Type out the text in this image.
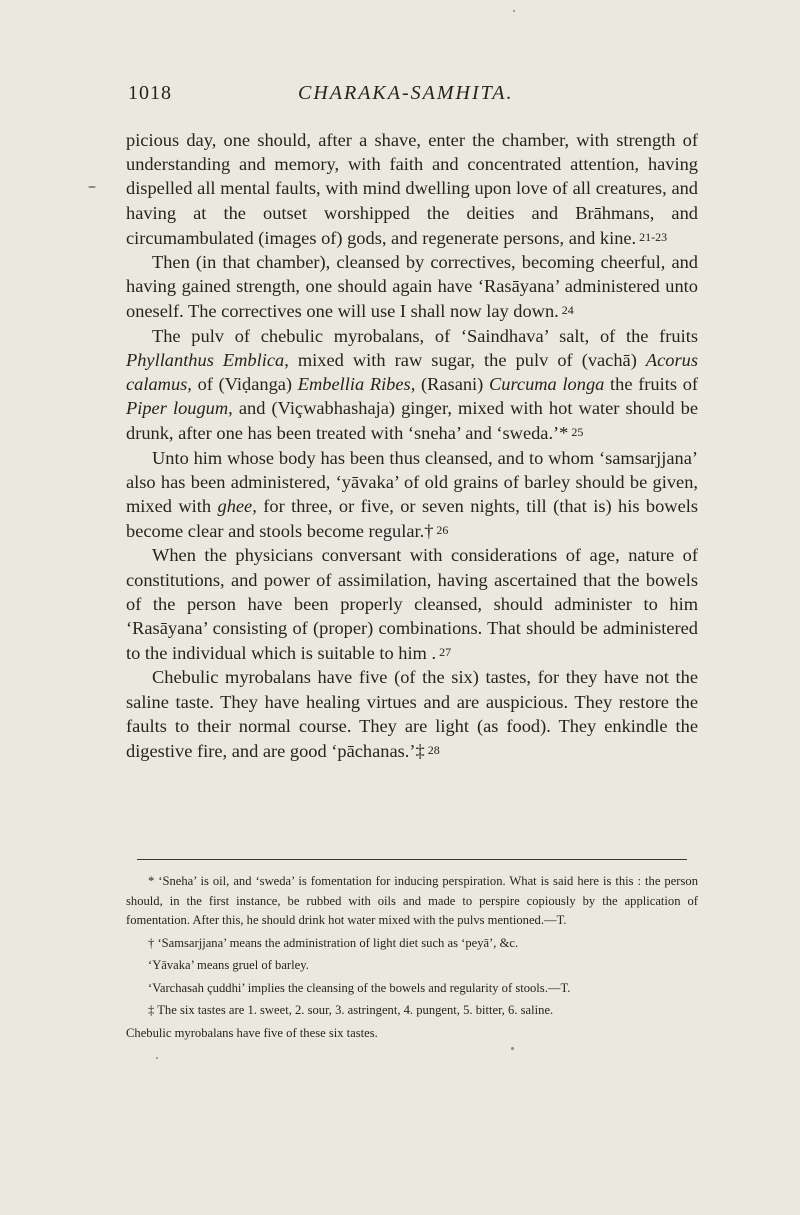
1018	CHARAKA-SAMHITA.

picious day, one should, after a shave, enter the chamber, with strength of understanding and memory, with faith and concentrated attention, having dispelled all mental faults, with mind dwelling upon love of all creatures, and having at the outset worshipped the deities and Brāhmans, and circumambulated (images of) gods, and regenerate persons, and kine. 21-23

Then (in that chamber), cleansed by correctives, becoming cheerful, and having gained strength, one should again have ‘Rasāyana’ administered unto oneself. The correctives one will use I shall now lay down. 24

The pulv of chebulic myrobalans, of ‘Saindhava’ salt, of the fruits Phyllanthus Emblica, mixed with raw sugar, the pulv of (vachā) Acorus calamus, of (Viḍanga) Embellia Ribes, (Rasani) Curcuma longa the fruits of Piper lougum, and (Viçwabhashaja) ginger, mixed with hot water should be drunk, after one has been treated with ‘sneha’ and ‘sweda.’* 25

Unto him whose body has been thus cleansed, and to whom ‘samsarjjana’ also has been administered, ‘yāvaka’ of old grains of barley should be given, mixed with ghee, for three, or five, or seven nights, till (that is) his bowels become clear and stools become regular.† 26

When the physicians conversant with considerations of age, nature of constitutions, and power of assimilation, having ascertained that the bowels of the person have been properly cleansed, should administer to him ‘Rasāyana’ consisting of (proper) combinations. That should be administered to the individual which is suitable to him . 27

Chebulic myrobalans have five (of the six) tastes, for they have not the saline taste. They have healing virtues and are auspicious. They restore the faults to their normal course. They are light (as food). They enkindle the digestive fire, and are good ‘pāchanas.’‡ 28

* ‘Sneha’ is oil, and ‘sweda’ is fomentation for inducing perspiration. What is said here is this : the person should, in the first instance, be rubbed with oils and made to perspire copiously by the application of fomentation. After this, he should drink hot water mixed with the pulvs mentioned.—T.

† ‘Samsarjjana’ means the administration of light diet such as ‘peyā’, &c.

‘Yāvaka’ means gruel of barley.

‘Varchasah çuddhi’ implies the cleansing of the bowels and regularity of stools.—T.

‡ The six tastes are 1. sweet, 2. sour, 3. astringent, 4. pungent, 5. bitter, 6. saline.

Chebulic myrobalans have five of these six tastes.
